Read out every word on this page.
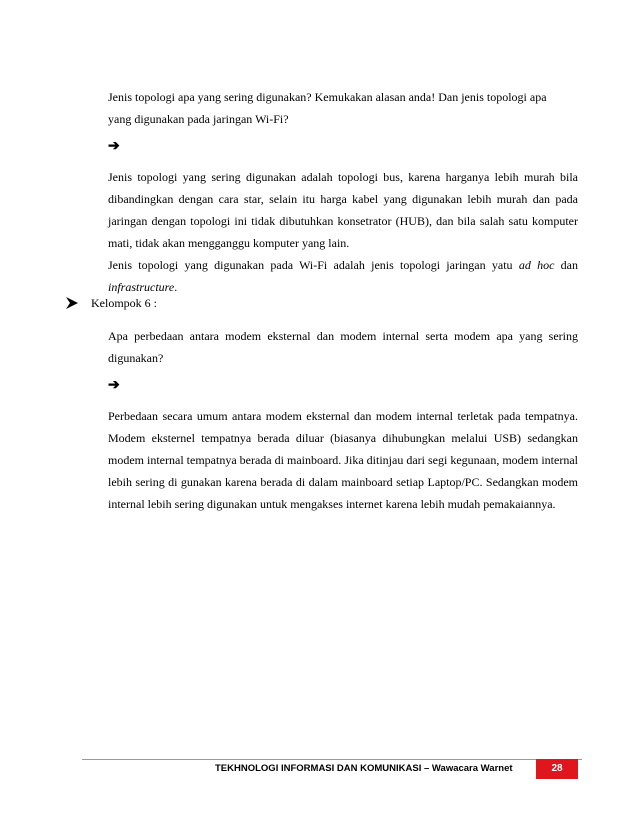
Jenis topologi apa yang sering digunakan? Kemukakan alasan anda! Dan jenis topologi apa
yang digunakan pada jaringan Wi-Fi?
➔
Jenis topologi yang sering digunakan adalah topologi bus, karena harganya lebih murah bila dibandingkan dengan cara star, selain itu harga kabel yang digunakan lebih murah dan pada jaringan dengan topologi ini tidak dibutuhkan konsetrator (HUB), dan bila salah satu komputer mati, tidak akan mengganggu komputer yang lain.
Jenis topologi yang digunakan pada Wi-Fi adalah jenis topologi jaringan yatu ad hoc dan infrastructure.
Kelompok 6 :
Apa perbedaan antara modem eksternal dan modem internal serta modem apa yang sering digunakan?
➔
Perbedaan secara umum antara modem eksternal dan modem internal terletak pada tempatnya. Modem eksternel tempatnya berada diluar (biasanya dihubungkan melalui USB) sedangkan modem internal tempatnya berada di mainboard. Jika ditinjau dari segi kegunaan, modem internal lebih sering di gunakan karena berada di dalam mainboard setiap Laptop/PC. Sedangkan modem internal lebih sering digunakan untuk mengakses internet karena lebih mudah pemakaiannya.
TEKHNOLOGI INFORMASI DAN KOMUNIKASI – Wawacara Warnet	28
